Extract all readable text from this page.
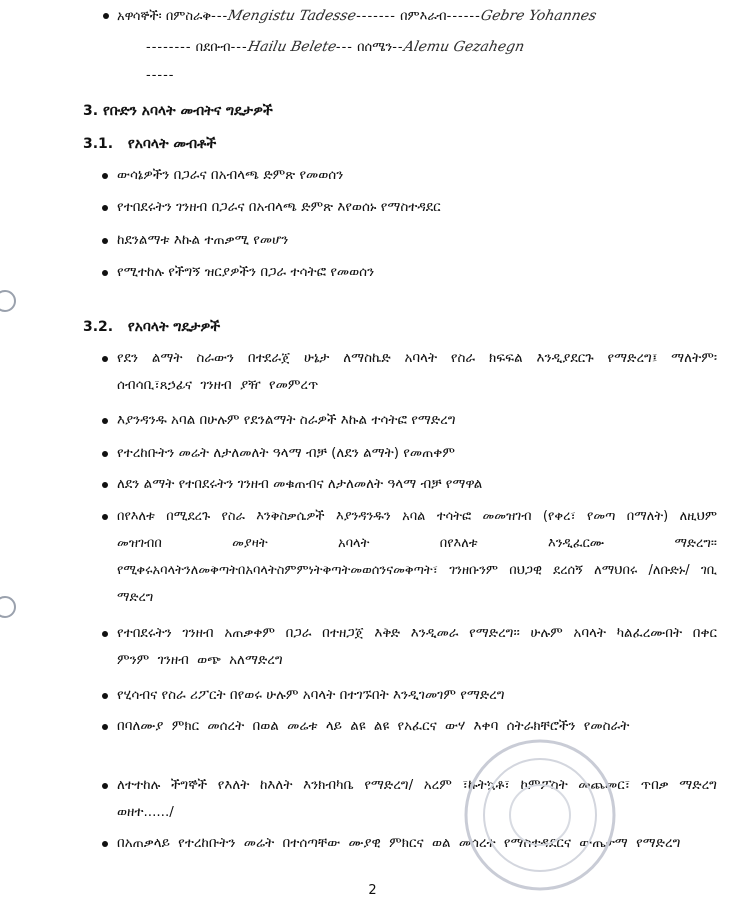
አዋሳኞች፡ በምስራቅ---Mengistu Tadesse------- በምእራብ------Gebre Yohannes
-------- በደቡብ---Hailu Belete--- በሰሜን--Alemu Gezahegn
-----
3. የቡድን አባላት መብትና ግዴታዎች
3.1. የአባላት መብቶች
ውሳኔዎችን በጋራና በአብላጫ ድምጽ የመወሰን
የተበደሩትን ገንዘብ በጋራና በአብላጫ ድምጽ እየወሰኑ የማስተዳደር
ከደንልማቱ እኩል ተጠቃሚ የመሆን
የሚተከሉ የችግኝ ዝርያዎችን በጋራ ተሳትፎ የመወሰን
3.2. የአባላት ግዴታዎች
የደን ልማት ስራውን በተደራጀ ሁኔታ ለማስኬድ አባላት የስራ ክፍፍል እንዲያደርጉ የማድረግ፤ ማለትም፡ ሰብሳቢ፣ጸኃፊና ገንዘብ ያዥ የመምረጥ
እያንዳንዱ አባል በሁሉም የደንልማት ስራዎች እኩል ተሳትፎ የማድረግ
የተረከቡትን መሬት ለታለመለት ዓላማ ብቻ (ለደን ልማት) የመጠቀም
ለደን ልማት የተበደሩትን ገንዘብ መቁጠብና ለታለመለት ዓላማ ብቻ የማዋል
በየእለቱ በሚደረጉ የስራ እንቅስቃሴዎች እያንዳንዱን አባል ተሳትፎ መመዝገብ (የቀረ፣ የመጣ በማለት) ለዚህም መዝገብበ መያዛት አባላት በየእለቱ እንዲፈርሙ ማድረግ፡፡ የሚቀሩአባላትንለመቅጣትበአባላትስምምነትቅጣትመወሰንናመቅጣት፣ ገንዘቡንም በህጋዊ ደረሰኝ ለማህበሩ /ለቡድኑ/ ገቢ ማድረግ
የተበደሩትን ገንዘብ አጠቃቀም በጋራ በተዘጋጀ እቅድ እንዲመራ የማድረግ፡፡ ሁሉም አባላት ካልፈረሙበት በቀር ምንም ገንዘብ ወጭ አለማድረግ
የሂሳብና የስራ ሪፖርት በየወሩ ሁሉም አባላት በተገኙበት እንዲገመገም የማድረግ
በባለሙያ ምክር መሰረት በወል መሬቱ ላይ ልዩ ልዩ የአፈርና ውሃ እቀባ ሰትራክቸሮችን የመስራት
ለተተከሉ ችግኞች የእለት ከእለት እንክብካቤ የማድረግ/ አረም ፣ኩትኳቶ፣ ኮምፖስት መጨመር፣ ጥበቃ ማድረግ ወዘተ....../
በአጠቃላይ የተረከቡትን መሬት በተሰጣቸው ሙያዊ ምክርና ወል መሰረት የማስተዳደርና ውጤታማ የማድረግ
2
